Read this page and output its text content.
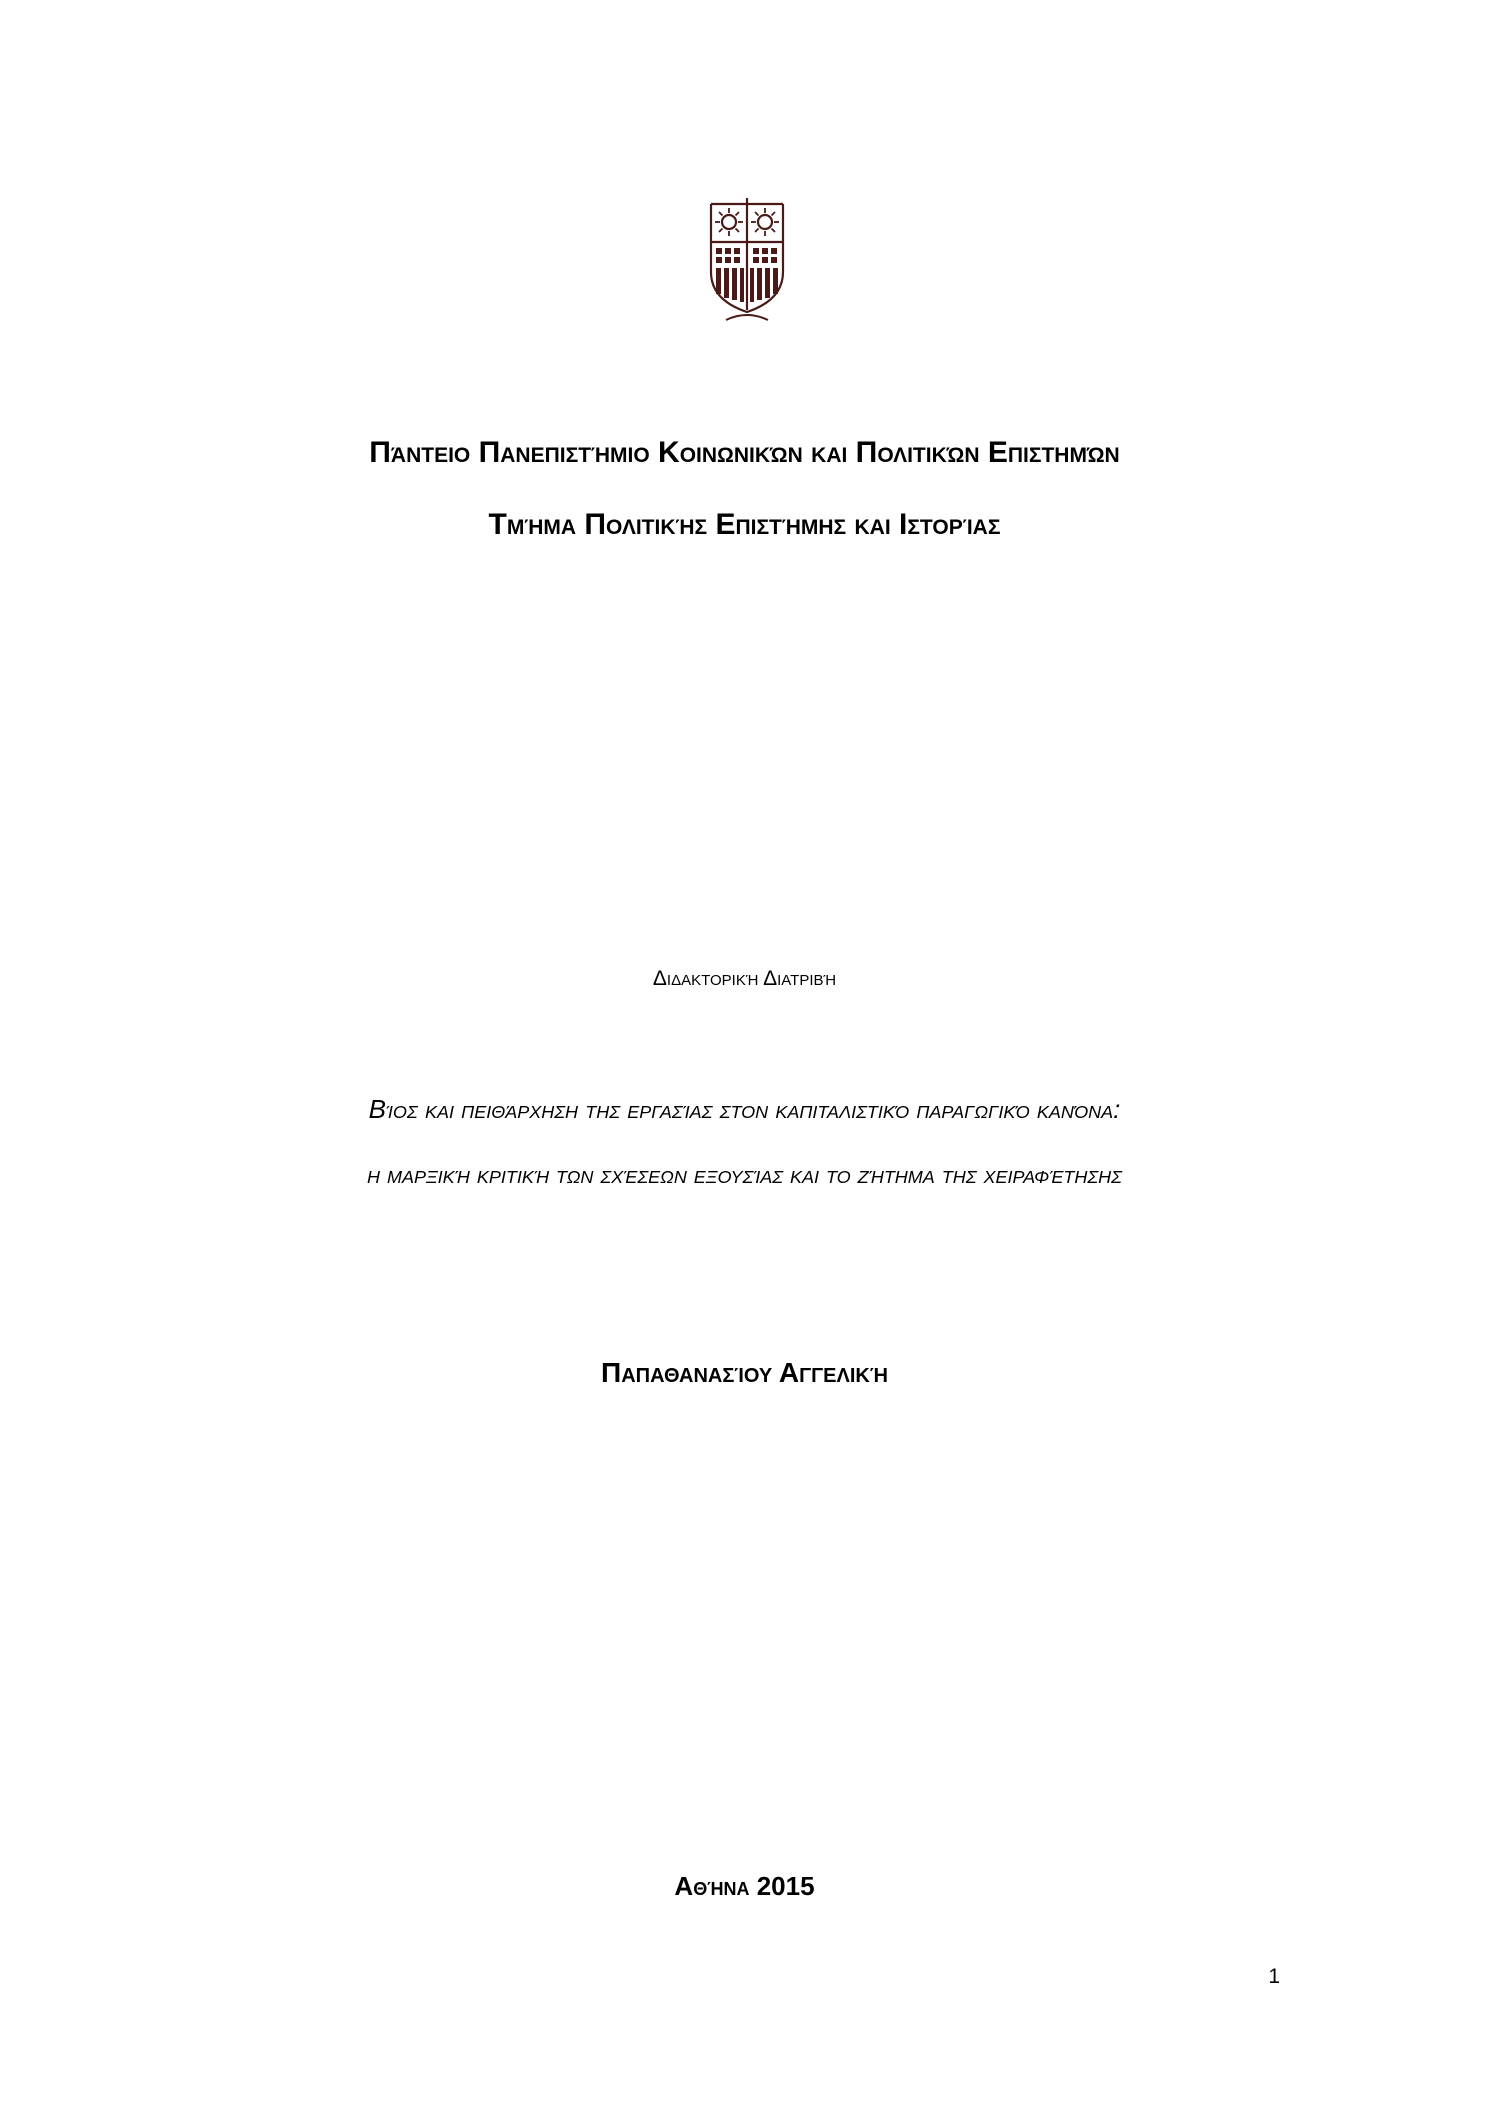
Πάντειο Πανεπιστήμιο Κοινωνικών και Πολιτικών Επιστημών
Τμήμα Πολιτικής Επιστήμης και Ιστορίας
Διδακτορική Διατριβή
Βίος και πειθάρχηση της εργασίας στον καπιταλιστικό παραγωγικό κανόνα:
η μαρξική κριτική των σχέσεων εξουσίας και το ζήτημα της χειραφέτησης
Παπαθανασίου Αγγελική
Αθήνα 2015
1
